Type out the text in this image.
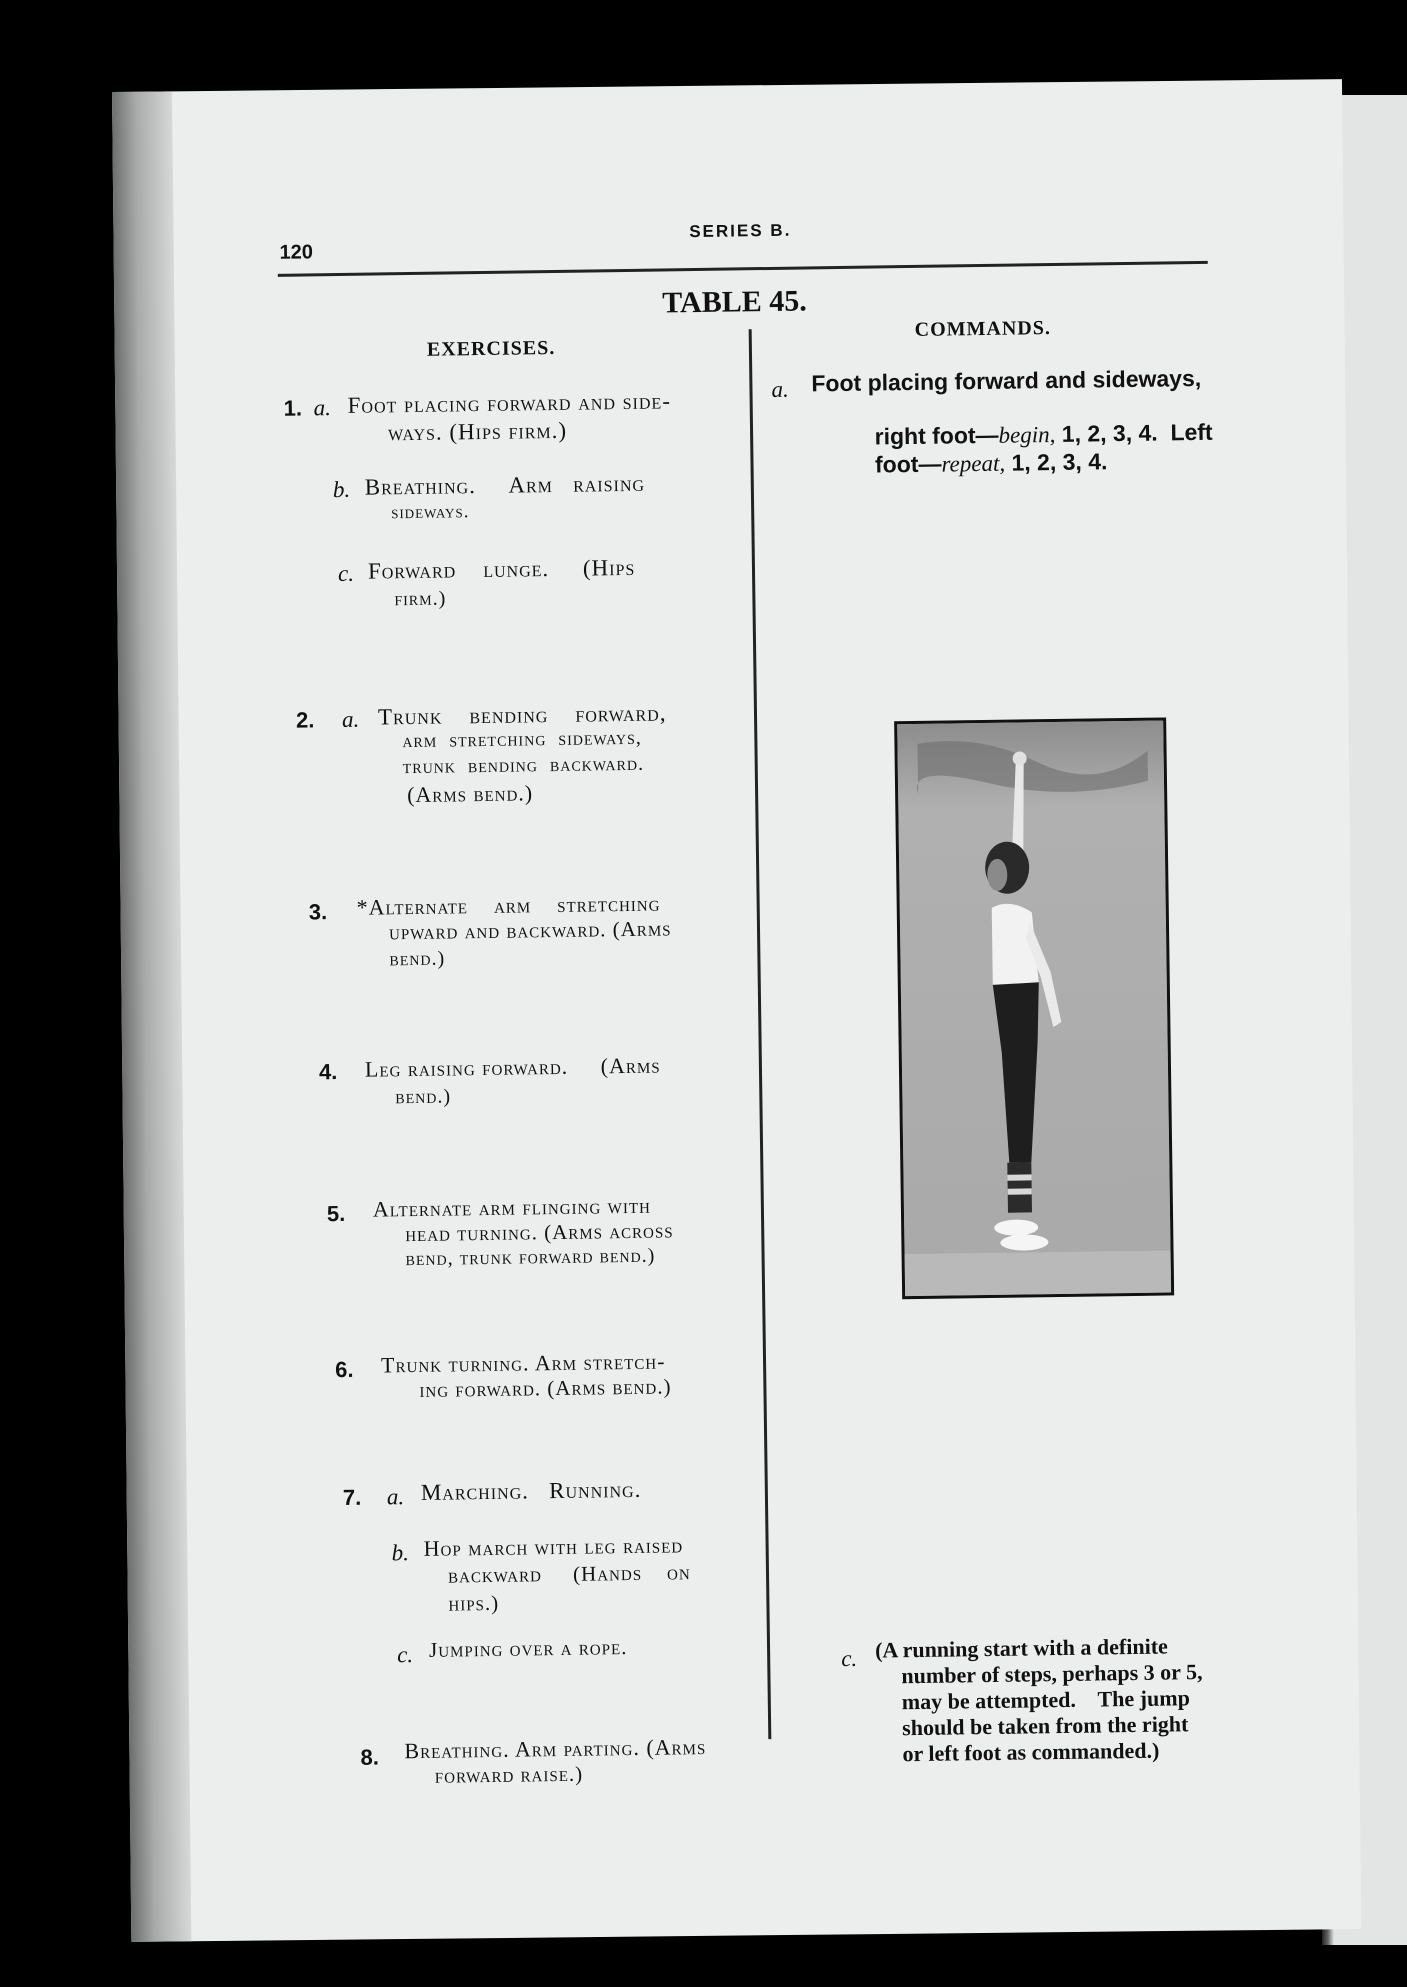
120
SERIES B.
TABLE 45.
EXERCISES.
COMMANDS.
1. a. Foot placing forward and side-
ways. (Hips firm.)
b. Breathing.     Arm   raising
sideways.
c. Forward    lunge.     (Hips
firm.)
2. a. Trunk    bending    forward,
arm  stretching  sideways,
trunk  bending  backward.
(Arms bend.)
3. *Alternate    arm    stretching
upward and backward. (Arms
bend.)
4. Leg raising forward.     (Arms
bend.)
5. Alternate arm flinging with
head turning. (Arms across
bend, trunk forward bend.)
6. Trunk turning. Arm stretch-
ing forward. (Arms bend.)
7. a. Marching.   Running.
b. Hop march with leg raised
backward     (Hands    on
hips.)
c. Jumping over a rope.
8. Breathing. Arm parting. (Arms
forward raise.)
a. Foot placing forward and sideways,

right foot—begin, 1, 2, 3, 4.  Left

foot—repeat, 1, 2, 3, 4.

c. (A running start with a definite
number of steps, perhaps 3 or 5,
may be attempted.    The jump
should be taken from the right
or left foot as commanded.)
